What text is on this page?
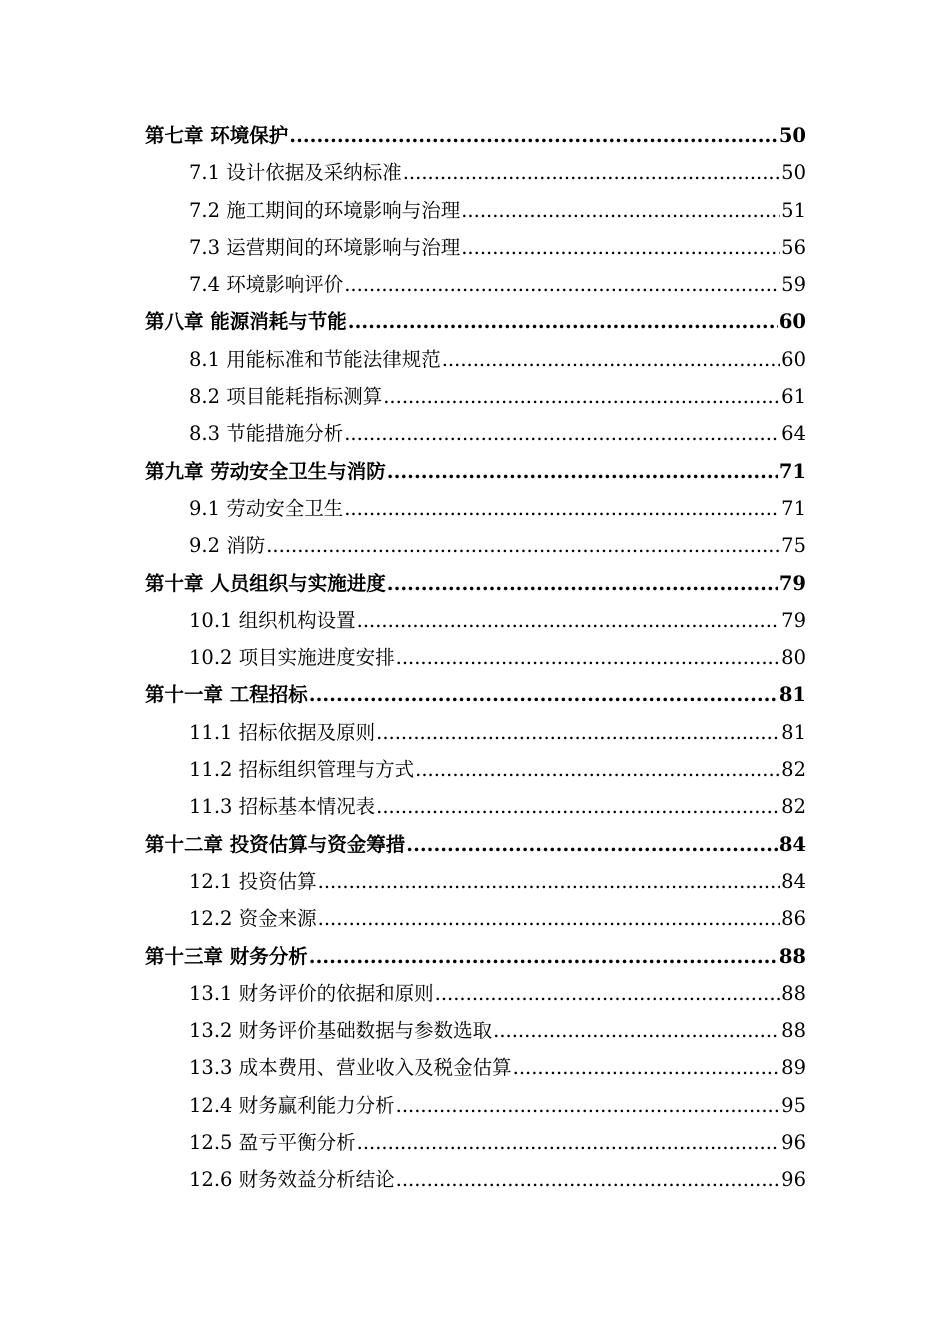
第七章 环境保护 .....	50
7.1 设计依据及采纳标准 .....	50
7.2 施工期间的环境影响与治理 .....	51
7.3 运营期间的环境影响与治理 .....	56
7.4 环境影响评价 .....	59
第八章 能源消耗与节能 .....	60
8.1 用能标准和节能法律规范 .....	60
8.2 项目能耗指标测算 .....	61
8.3 节能措施分析 .....	64
第九章 劳动安全卫生与消防 .....	71
9.1 劳动安全卫生 .....	71
9.2 消防 .....	75
第十章 人员组织与实施进度 .....	79
10.1 组织机构设置 .....	79
10.2 项目实施进度安排 .....	80
第十一章 工程招标 .....	81
11.1 招标依据及原则 .....	81
11.2 招标组织管理与方式 .....	82
11.3 招标基本情况表 .....	82
第十二章 投资估算与资金筹措 .....	84
12.1 投资估算 .....	84
12.2 资金来源 .....	86
第十三章 财务分析 .....	88
13.1 财务评价的依据和原则 .....	88
13.2 财务评价基础数据与参数选取 .....	88
13.3 成本费用、营业收入及税金估算 .....	89
12.4 财务赢利能力分析 .....	95
12.5 盈亏平衡分析 .....	96
12.6 财务效益分析结论 .....	96
